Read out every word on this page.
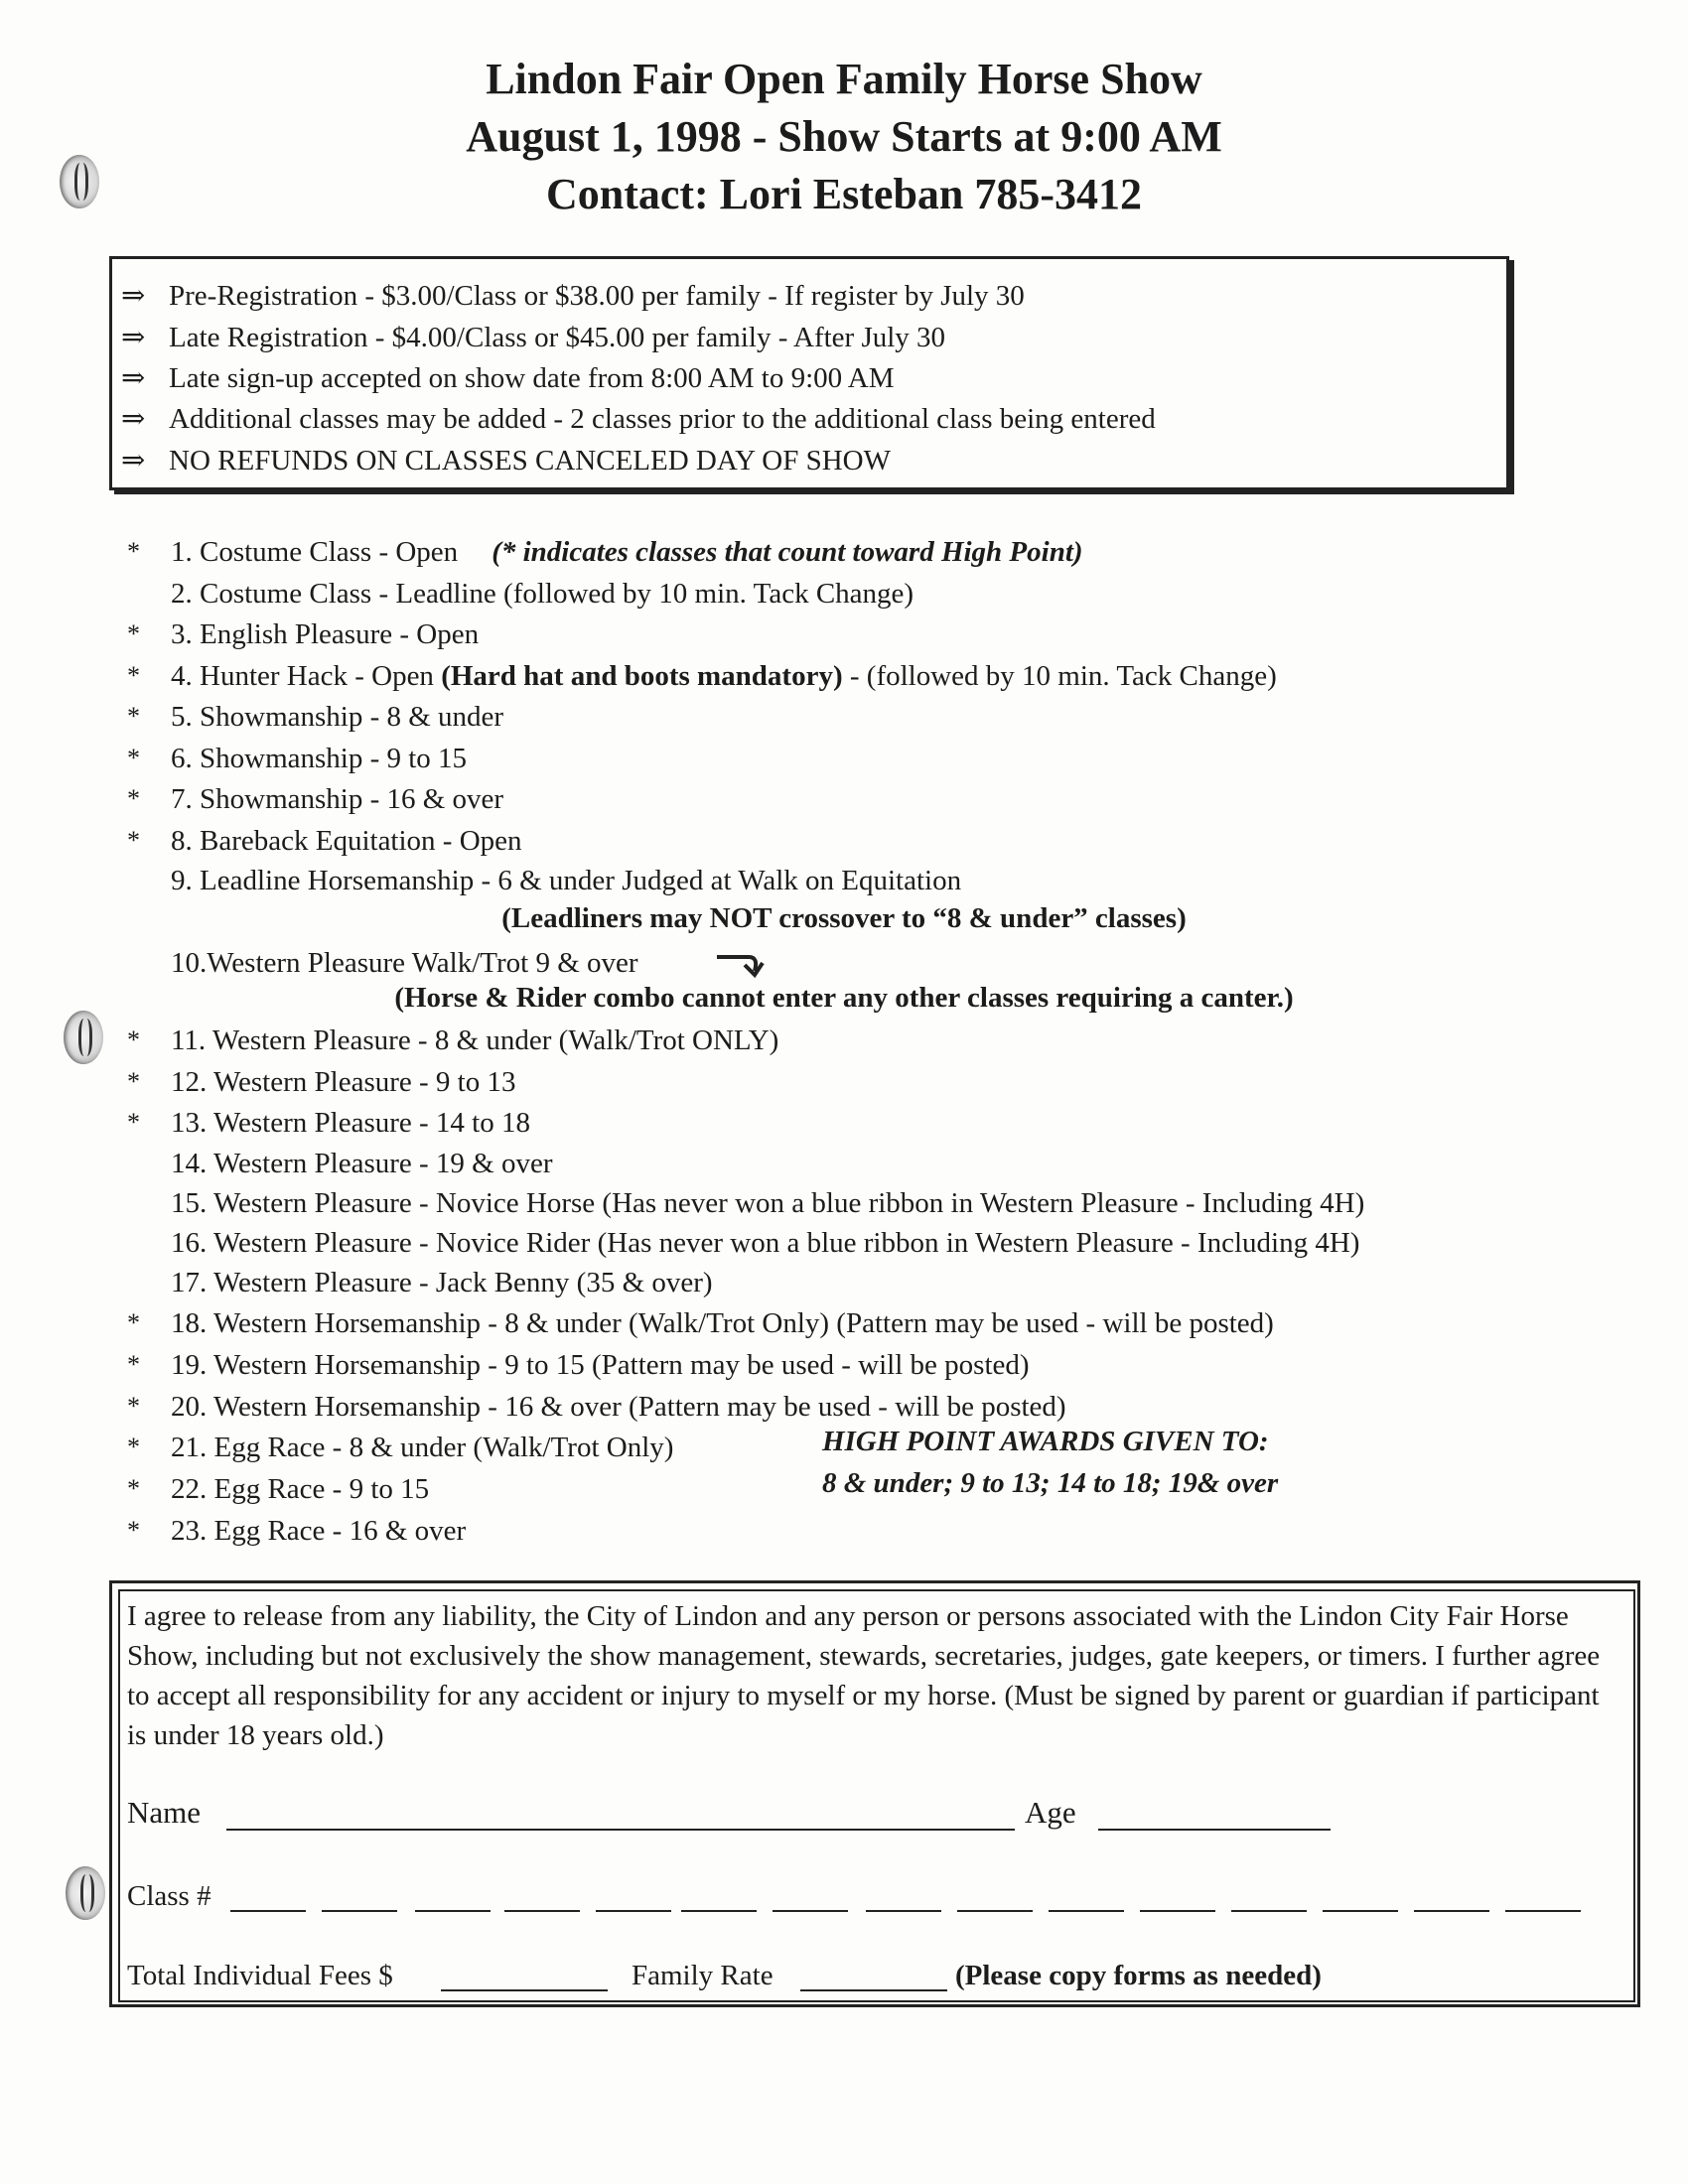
Lindon Fair Open Family Horse Show
August 1, 1998 - Show Starts at 9:00 AM
Contact: Lori Esteban 785-3412
⇒ Pre-Registration - $3.00/Class or $38.00 per family - If register by July 30
⇒ Late Registration - $4.00/Class or $45.00 per family - After July 30
⇒ Late sign-up accepted on show date from 8:00 AM to 9:00 AM
⇒ Additional classes may be added - 2 classes prior to the additional class being entered
⇒ NO REFUNDS ON CLASSES CANCELED DAY OF SHOW
* 1. Costume Class - Open (* indicates classes that count toward High Point)
2. Costume Class - Leadline (followed by 10 min. Tack Change)
* 3. English Pleasure - Open
* 4. Hunter Hack - Open (Hard hat and boots mandatory) - (followed by 10 min. Tack Change)
* 5. Showmanship - 8 & under
* 6. Showmanship - 9 to 15
* 7. Showmanship - 16 & over
* 8. Bareback Equitation - Open
9. Leadline Horsemanship - 6 & under Judged at Walk on Equitation
10.Western Pleasure Walk/Trot 9 & over
* 11. Western Pleasure - 8 & under (Walk/Trot ONLY)
* 12. Western Pleasure - 9 to 13
* 13. Western Pleasure - 14 to 18
14. Western Pleasure - 19 & over
15. Western Pleasure - Novice Horse (Has never won a blue ribbon in Western Pleasure - Including 4H)
16. Western Pleasure - Novice Rider (Has never won a blue ribbon in Western Pleasure - Including 4H)
17. Western Pleasure - Jack Benny (35 & over)
* 18. Western Horsemanship - 8 & under (Walk/Trot Only) (Pattern may be used - will be posted)
* 19. Western Horsemanship - 9 to 15 (Pattern may be used - will be posted)
* 20. Western Horsemanship - 16 & over (Pattern may be used - will be posted)
* 21. Egg Race - 8 & under (Walk/Trot Only)
* 22. Egg Race - 9 to 15
* 23. Egg Race - 16 & over
(Leadliners may NOT crossover to “8 & under” classes)
(Horse & Rider combo cannot enter any other classes requiring a canter.)
HIGH POINT AWARDS GIVEN TO:
8 & under; 9 to 13; 14 to 18; 19& over
I agree to release from any liability, the City of Lindon and any person or persons associated with the Lindon City Fair Horse Show, including but not exclusively the show management, stewards, secretaries, judges, gate keepers, or timers. I further agree to accept all responsibility for any accident or injury to myself or my horse. (Must be signed by parent or guardian if participant is under 18 years old.)
Name	Age
Class #
Total Individual Fees $	Family Rate	(Please copy forms as needed)
